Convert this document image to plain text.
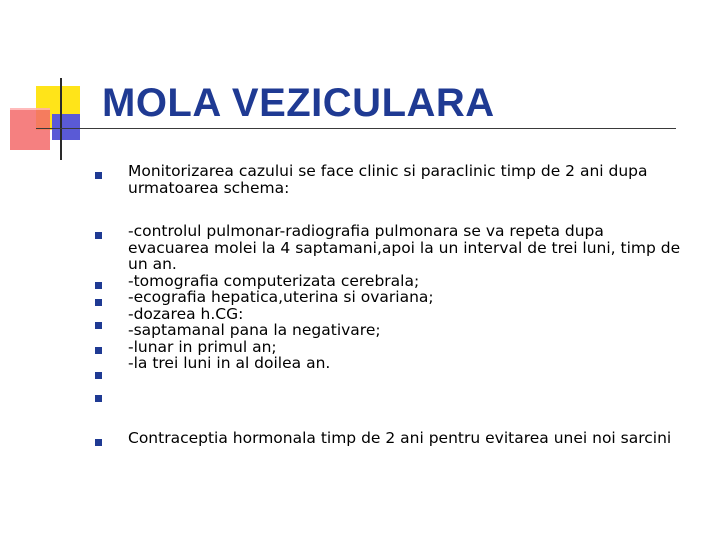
MOLA VEZICULARA

Monitorizarea cazului se face clinic si paraclinic timp de 2 ani dupa
urmatoarea schema:

-controlul pulmonar-radiografia pulmonara se va repeta dupa
evacuarea molei la 4 saptamani,apoi la un interval de trei luni, timp de
un an.
-tomografia computerizata cerebrala;
-ecografia hepatica,uterina si ovariana;
-dozarea h.CG:
-saptamanal pana la negativare;
-lunar in primul an;
-la trei luni in al doilea an.

Contraceptia hormonala timp de 2 ani pentru evitarea unei noi sarcini
